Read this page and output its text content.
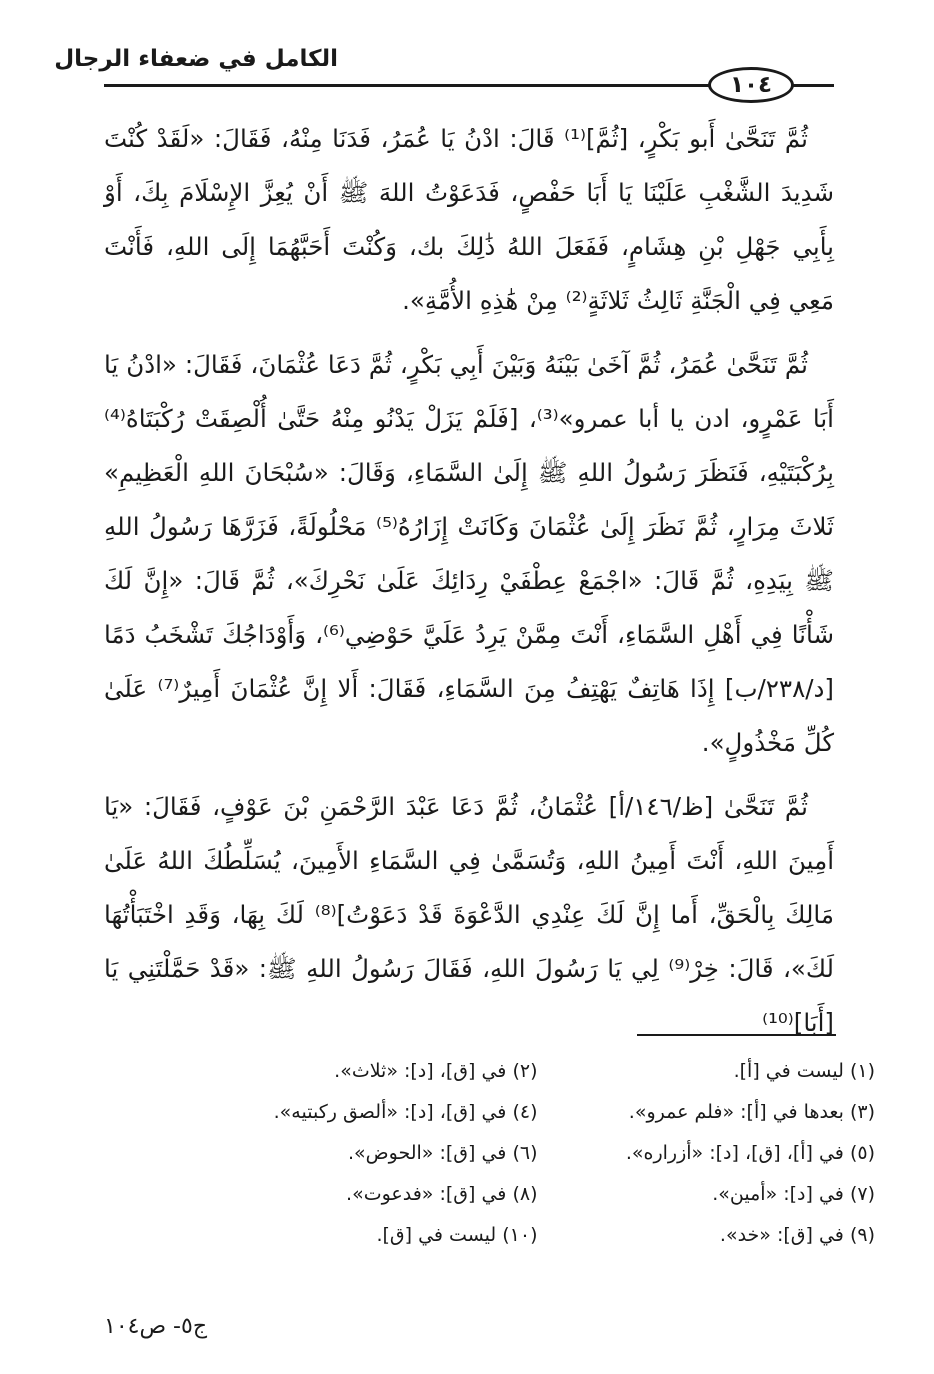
الكامل في ضعفاء الرجال
١٠٤

ثُمَّ تَنَحَّىٰ أَبو بَكْرٍ، [ثُمَّ]⁽¹⁾ قَالَ: ادْنُ يَا عُمَرُ، فَدَنَا مِنْهُ، فَقَالَ: «لَقَدْ كُنْتَ شَدِيدَ الشَّغْبِ عَلَيْنَا يَا أَبَا حَفْصٍ، فَدَعَوْتُ اللهَ ﷺ أَنْ يُعِزَّ الإِسْلَامَ بِكَ، أَوْ بِأَبِي جَهْلِ بْنِ هِشَامٍ، فَفَعَلَ اللهُ ذَٰلِكَ بك، وَكُنْتَ أَحَبَّهُمَا إِلَى اللهِ، فَأَنْتَ مَعِي فِي الْجَنَّةِ ثَالِثُ ثَلاثَةٍ⁽²⁾ مِنْ هَٰذِهِ الأُمَّةِ».

ثُمَّ تَنَحَّىٰ عُمَرُ، ثُمَّ آخَىٰ بَيْنَهُ وَبَيْنَ أَبِي بَكْرٍ، ثُمَّ دَعَا عُثْمَانَ، فَقَالَ: «ادْنُ يَا أَبَا عَمْرٍو، ادن يا أبا عمرو»⁽³⁾، [فَلَمْ يَزَلْ يَدْنُو مِنْهُ حَتَّىٰ أُلْصِقَتْ رُكْبَتَاهُ⁽⁴⁾ بِرُكْبَتَيْهِ، فَنَظَرَ رَسُولُ اللهِ ﷺ إِلَىٰ السَّمَاءِ، وَقَالَ: «سُبْحَانَ اللهِ الْعَظِيمِ» ثَلاثَ مِرَارٍ، ثُمَّ نَظَرَ إِلَىٰ عُثْمَانَ وَكَانَتْ إِزَارُهُ⁽⁵⁾ مَحْلُولَةً، فَزَرَّهَا رَسُولُ اللهِ ﷺ بِيَدِهِ، ثُمَّ قَالَ: «اجْمَعْ عِطْفَيْ رِدَائِكَ عَلَىٰ نَحْرِكَ»، ثُمَّ قَالَ: «إِنَّ لَكَ شَأْنًا فِي أَهْلِ السَّمَاءِ، أَنْتَ مِمَّنْ يَرِدُ عَلَيَّ حَوْضِي⁽⁶⁾، وَأَوْدَاجُكَ تَشْخَبُ دَمًا [د/٢٣٨/ب] إِذَا هَاتِفٌ يَهْتِفُ مِنَ السَّمَاءِ، فَقَالَ: أَلا إِنَّ عُثْمَانَ أَمِيرٌ⁽⁷⁾ عَلَىٰ كُلِّ مَخْذُولٍ».

ثُمَّ تَنَحَّىٰ [ظ/١٤٦/أ] عُثْمَانُ، ثُمَّ دَعَا عَبْدَ الرَّحْمَنِ بْنَ عَوْفٍ، فَقَالَ: «يَا أَمِينَ اللهِ، أَنْتَ أَمِينُ اللهِ، وَتُسَمَّىٰ فِي السَّمَاءِ الأَمِينَ، يُسَلِّطُكَ اللهُ عَلَىٰ مَالِكَ بِالْحَقِّ، أَما إِنَّ لَكَ عِنْدِي الدَّعْوَةَ قَدْ دَعَوْتُ]⁽⁸⁾ لَكَ بِهَا، وَقَدِ اخْتَبَأْتُهَا لَكَ»، قَالَ: خِرْ⁽⁹⁾ لِي يَا رَسُولَ اللهِ، فَقَالَ رَسُولُ اللهِ ﷺ: «قَدْ حَمَّلْتَنِي يَا [أَبَا]⁽¹⁰⁾

(١) ليست في [أ].
(٢) في [ق]، [د]: «ثلاث».
(٣) بعدها في [أ]: «فلم عمرو».
(٤) في [ق]، [د]: «ألصق ركبتيه».
(٥) في [أ]، [ق]، [د]: «أزراره».
(٦) في [ق]: «الحوض».
(٧) في [د]: «أمين».
(٨) في [ق]: «فدعوت».
(٩) في [ق]: «خد».
(١٠) ليست في [ق].
ج٥- ص١٠٤
